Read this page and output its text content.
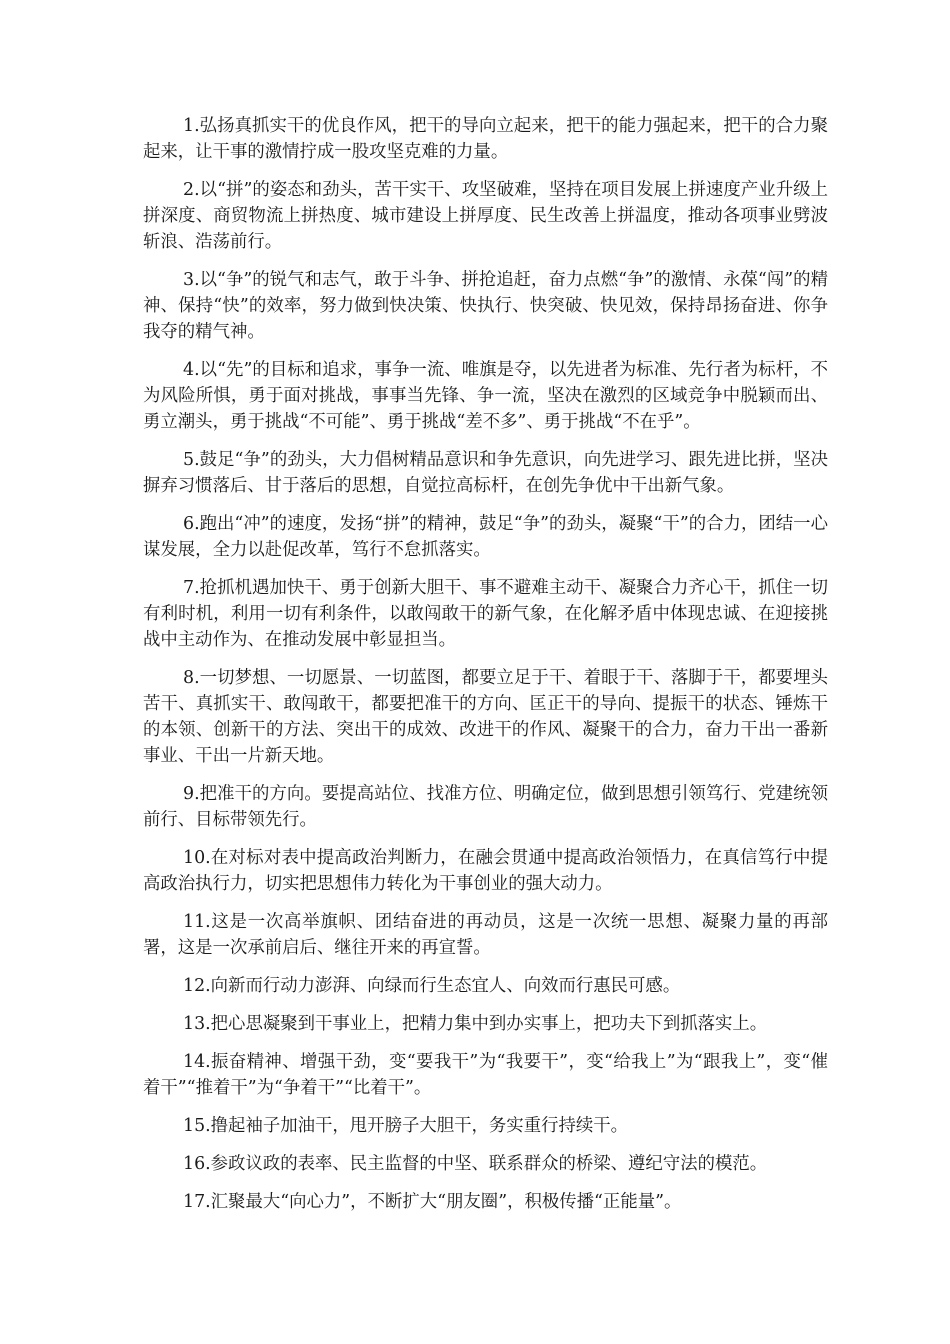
1.弘扬真抓实干的优良作风，把干的导向立起来，把干的能力强起来，把干的合力聚起来，让干事的激情拧成一股攻坚克难的力量。

2.以“拼”的姿态和劲头，苦干实干、攻坚破难，坚持在项目发展上拼速度产业升级上拼深度、商贸物流上拼热度、城市建设上拼厚度、民生改善上拼温度，推动各项事业劈波斩浪、浩荡前行。

3.以“争”的锐气和志气，敢于斗争、拼抢追赶，奋力点燃“争”的激情、永葆“闯”的精神、保持“快”的效率，努力做到快决策、快执行、快突破、快见效，保持昂扬奋进、你争我夺的精气神。

4.以“先”的目标和追求，事争一流、唯旗是夺，以先进者为标准、先行者为标杆，不为风险所惧，勇于面对挑战，事事当先锋、争一流，坚决在激烈的区域竞争中脱颖而出、勇立潮头，勇于挑战“不可能”、勇于挑战“差不多”、勇于挑战“不在乎”。

5.鼓足“争”的劲头，大力倡树精品意识和争先意识，向先进学习、跟先进比拼，坚决摒弃习惯落后、甘于落后的思想，自觉拉高标杆，在创先争优中干出新气象。

6.跑出“冲”的速度，发扬“拼”的精神，鼓足“争”的劲头，凝聚“干”的合力，团结一心谋发展，全力以赴促改革，笃行不怠抓落实。

7.抢抓机遇加快干、勇于创新大胆干、事不避难主动干、凝聚合力齐心干，抓住一切有利时机，利用一切有利条件，以敢闯敢干的新气象，在化解矛盾中体现忠诚、在迎接挑战中主动作为、在推动发展中彰显担当。

8.一切梦想、一切愿景、一切蓝图，都要立足于干、着眼于干、落脚于干，都要埋头苦干、真抓实干、敢闯敢干，都要把准干的方向、匡正干的导向、提振干的状态、锤炼干的本领、创新干的方法、突出干的成效、改进干的作风、凝聚干的合力，奋力干出一番新事业、干出一片新天地。

9.把准干的方向。要提高站位、找准方位、明确定位，做到思想引领笃行、党建统领前行、目标带领先行。

10.在对标对表中提高政治判断力，在融会贯通中提高政治领悟力，在真信笃行中提高政治执行力，切实把思想伟力转化为干事创业的强大动力。

11.这是一次高举旗帜、团结奋进的再动员，这是一次统一思想、凝聚力量的再部署，这是一次承前启后、继往开来的再宣誓。

12.向新而行动力澎湃、向绿而行生态宜人、向效而行惠民可感。

13.把心思凝聚到干事业上，把精力集中到办实事上，把功夫下到抓落实上。

14.振奋精神、增强干劲，变“要我干”为“我要干”，变“给我上”为“跟我上”，变“催着干”“推着干”为“争着干”“比着干”。

15.撸起袖子加油干，甩开膀子大胆干，务实重行持续干。

16.参政议政的表率、民主监督的中坚、联系群众的桥梁、遵纪守法的模范。

17.汇聚最大“向心力”，不断扩大“朋友圈”，积极传播“正能量”。
